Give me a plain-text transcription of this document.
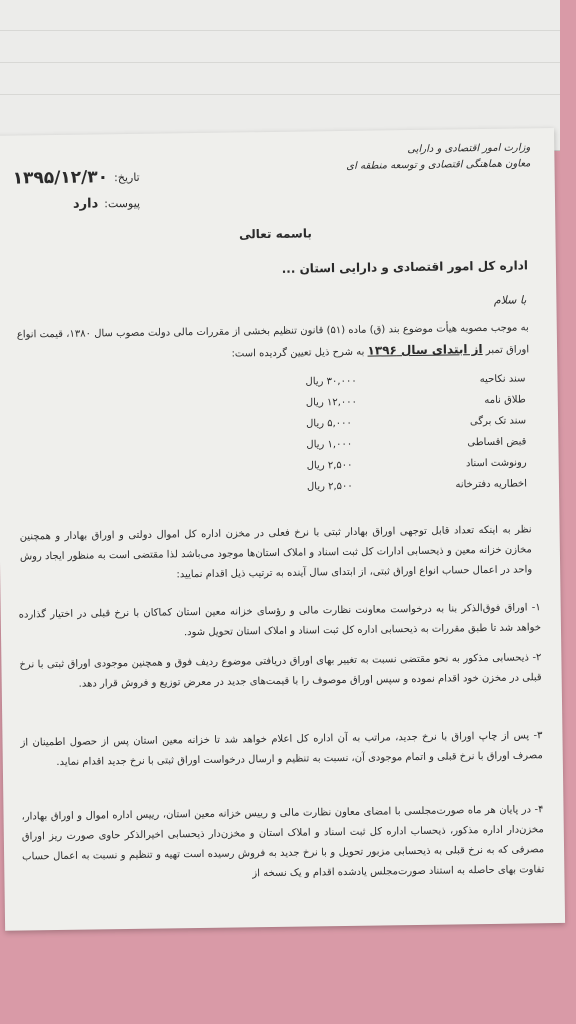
وزارت امور اقتصادی و دارایی
معاون هماهنگی اقتصادی و توسعه منطقه ای
تاریخ:
۱۳۹۵/۱۲/۳۰
پیوست:
دارد
باسمه تعالی
اداره کل امور اقتصادی و دارایی استان ...
با سلام
به موجب مصوبه هیأت موضوع بند (ق) ماده (۵۱) قانون تنظیم بخشی از مقررات مالی دولت مصوب سال ۱۳۸۰، قیمت انواع اوراق تمبر از ابتدای سال ۱۳۹۶ به شرح ذیل تعیین گردیده است:
سند نکاحیه
۳۰,۰۰۰ ریال
طلاق نامه
۱۲,۰۰۰ ریال
سند تک برگی
۵,۰۰۰ ریال
قبض اقساطی
۱,۰۰۰ ریال
رونوشت اسناد
۲,۵۰۰ ریال
اخطاریه دفترخانه
۲,۵۰۰ ریال
نظر به اینکه تعداد قابل توجهی اوراق بهادار ثبتی با نرخ فعلی در مخزن اداره کل اموال دولتی و اوراق بهادار و همچنین مخازن خزانه معین و ذیحسابی ادارات کل ثبت اسناد و املاک استان‌ها موجود می‌باشد لذا مقتضی است به منظور ایجاد روش واحد در اعمال حساب انواع اوراق ثبتی، از ابتدای سال آینده به ترتیب ذیل اقدام نمایید:
۱- اوراق فوق‌الذکر بنا به درخواست معاونت نظارت مالی و رؤسای خزانه معین استان کماکان با نرخ قبلی در اختیار گذارده خواهد شد تا طبق مقررات به ذیحسابی اداره کل ثبت اسناد و املاک استان تحویل شود.
۲- ذیحسابی مذکور به نحو مقتضی نسبت به تغییر بهای اوراق دریافتی موضوع ردیف فوق و همچنین موجودی اوراق ثبتی با نرخ قبلی در مخزن خود اقدام نموده و سپس اوراق موصوف را با قیمت‌های جدید در معرض توزیع و فروش قرار دهد.
۳- پس از چاپ اوراق با نرخ جدید، مراتب به آن اداره کل اعلام خواهد شد تا خزانه معین استان پس از حصول اطمینان از مصرف اوراق با نرخ قبلی و اتمام موجودی آن، نسبت به تنظیم و ارسال درخواست اوراق ثبتی با نرخ جدید اقدام نماید.
۴- در پایان هر ماه صورت‌مجلسی با امضای معاون نظارت مالی و رییس خزانه معین استان، رییس اداره اموال و اوراق بهادار، مخزن‌دار اداره مذکور، ذیحساب اداره کل ثبت اسناد و املاک استان و مخزن‌دار ذیحسابی اخیرالذکر حاوی صورت ریز اوراق مصرفی که به نرخ قبلی به ذیحسابی مزبور تحویل و با نرخ جدید به فروش رسیده است تهیه و تنظیم و نسبت به اعمال حساب تفاوت بهای حاصله به استناد صورت‌مجلس یادشده اقدام و یک نسخه از
